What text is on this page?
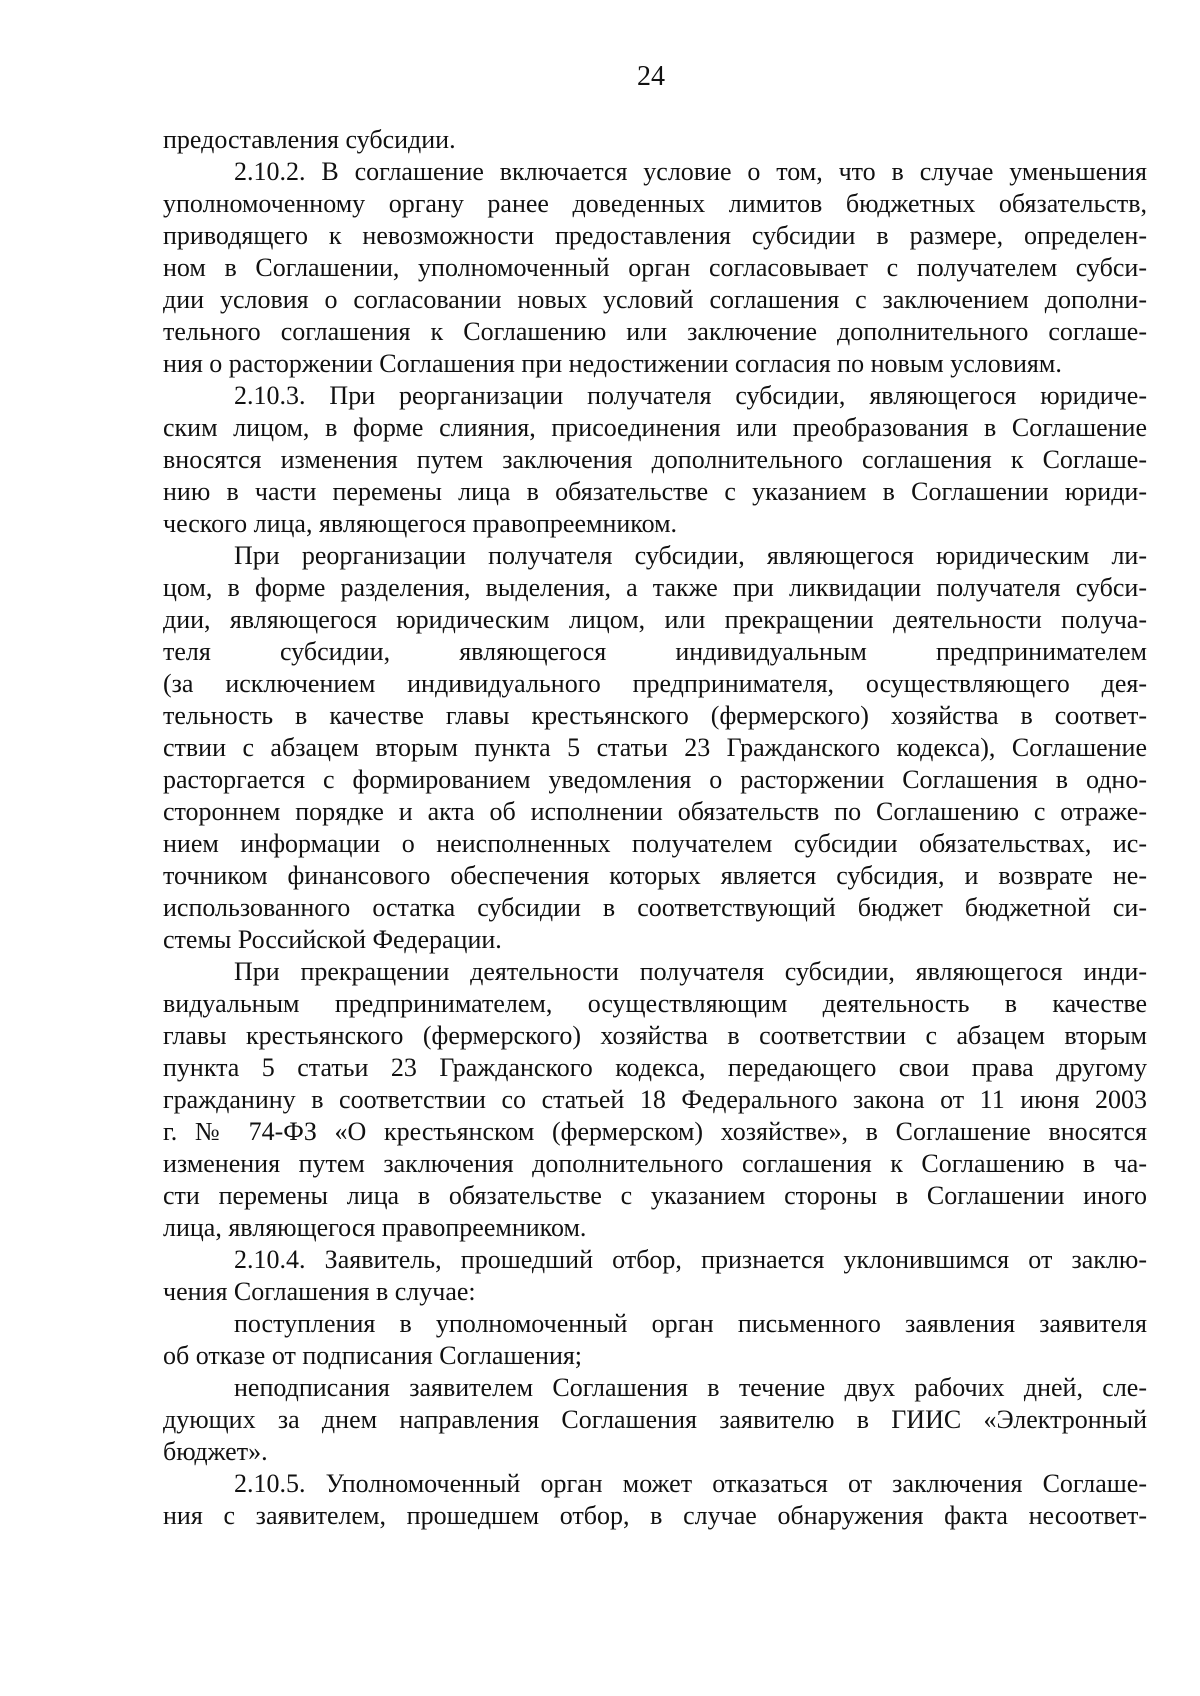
24
предоставления субсидии.
2.10.2. В соглашение включается условие о том, что в случае уменьшения
уполномоченному органу ранее доведенных лимитов бюджетных обязательств,
приводящего к невозможности предоставления субсидии в размере, определен-
ном в Соглашении, уполномоченный орган согласовывает с получателем субси-
дии условия о согласовании новых условий соглашения с заключением дополни-
тельного соглашения к Соглашению или заключение дополнительного соглаше-
ния о расторжении Соглашения при недостижении согласия по новым условиям.
2.10.3. При реорганизации получателя субсидии, являющегося юридиче-
ским лицом, в форме слияния, присоединения или преобразования в Соглашение
вносятся изменения путем заключения дополнительного соглашения к Соглаше-
нию в части перемены лица в обязательстве с указанием в Соглашении юриди-
ческого лица, являющегося правопреемником.
При реорганизации получателя субсидии, являющегося юридическим ли-
цом, в форме разделения, выделения, а также при ликвидации получателя субси-
дии, являющегося юридическим лицом, или прекращении деятельности получа-
теля субсидии, являющегося индивидуальным предпринимателем
(за исключением индивидуального предпринимателя, осуществляющего дея-
тельность в качестве главы крестьянского (фермерского) хозяйства в соответ-
ствии с абзацем вторым пункта 5 статьи 23 Гражданского кодекса), Соглашение
расторгается с формированием уведомления о расторжении Соглашения в одно-
стороннем порядке и акта об исполнении обязательств по Соглашению с отраже-
нием информации о неисполненных получателем субсидии обязательствах, ис-
точником финансового обеспечения которых является субсидия, и возврате не-
использованного остатка субсидии в соответствующий бюджет бюджетной си-
стемы Российской Федерации.
При прекращении деятельности получателя субсидии, являющегося инди-
видуальным предпринимателем, осуществляющим деятельность в качестве
главы крестьянского (фермерского) хозяйства в соответствии с абзацем вторым
пункта 5 статьи 23 Гражданского кодекса, передающего свои права другому
гражданину в соответствии со статьей 18 Федерального закона от 11 июня 2003
г. № 74-ФЗ «О крестьянском (фермерском) хозяйстве», в Соглашение вносятся
изменения путем заключения дополнительного соглашения к Соглашению в ча-
сти перемены лица в обязательстве с указанием стороны в Соглашении иного
лица, являющегося правопреемником.
2.10.4. Заявитель, прошедший отбор, признается уклонившимся от заклю-
чения Соглашения в случае:
поступления в уполномоченный орган письменного заявления заявителя
об отказе от подписания Соглашения;
неподписания заявителем Соглашения в течение двух рабочих дней, сле-
дующих за днем направления Соглашения заявителю в ГИИС «Электронный
бюджет».
2.10.5. Уполномоченный орган может отказаться от заключения Соглаше-
ния с заявителем, прошедшем отбор, в случае обнаружения факта несоответ-
